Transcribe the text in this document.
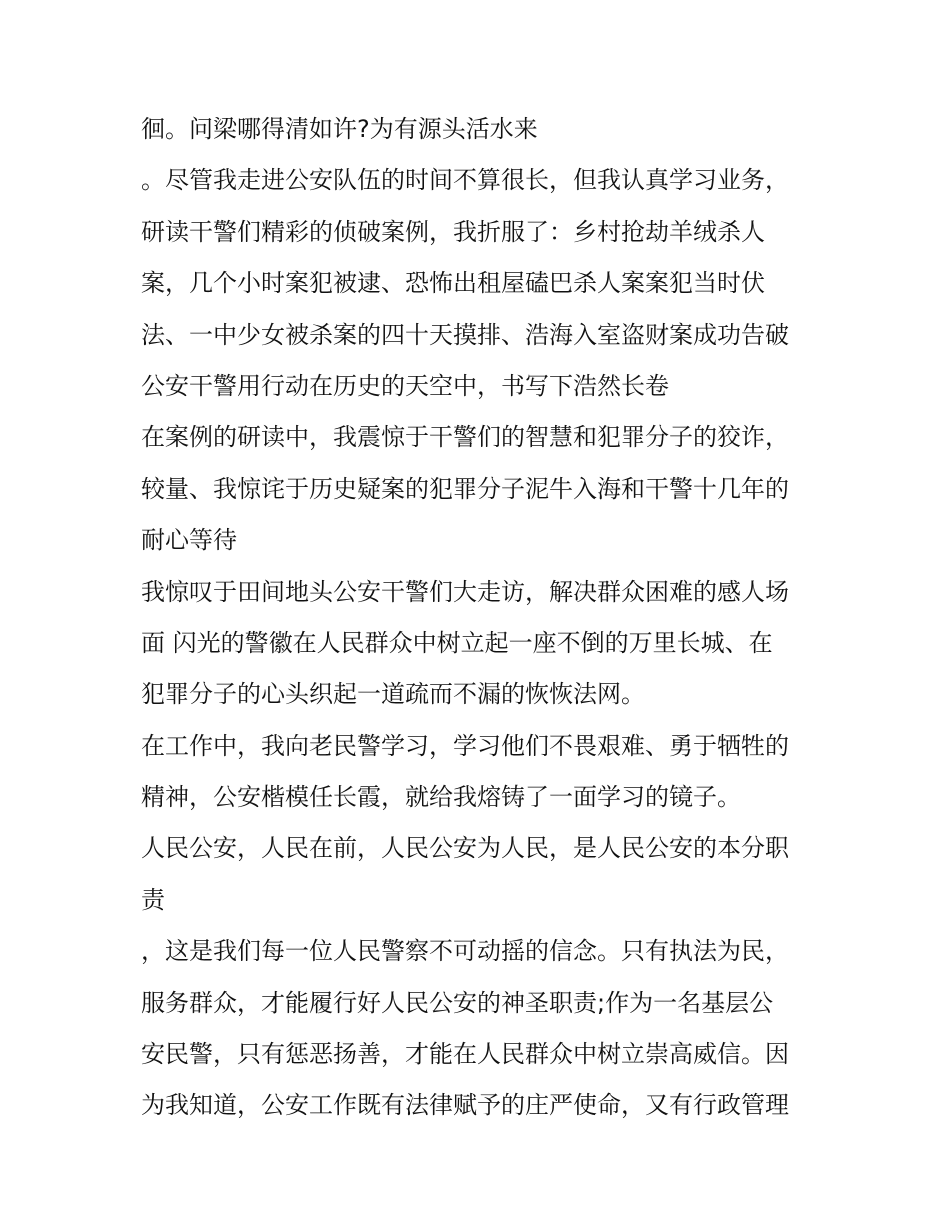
徊。问梁哪得清如许?为有源头活水来

。尽管我走进公安队伍的时间不算很长，但我认真学习业务，

研读干警们精彩的侦破案例，我折服了：乡村抢劫羊绒杀人

案，几个小时案犯被逮、恐怖出租屋磕巴杀人案案犯当时伏

法、一中少女被杀案的四十天摸排、浩海入室盗财案成功告破

公安干警用行动在历史的天空中，书写下浩然长卷

在案例的研读中，我震惊于干警们的智慧和犯罪分子的狡诈，

较量、我惊诧于历史疑案的犯罪分子泥牛入海和干警十几年的

耐心等待

我惊叹于田间地头公安干警们大走访，解决群众困难的感人场

面 闪光的警徽在人民群众中树立起一座不倒的万里长城、在

犯罪分子的心头织起一道疏而不漏的恢恢法网。

在工作中，我向老民警学习，学习他们不畏艰难、勇于牺牲的

精神，公安楷模任长霞，就给我熔铸了一面学习的镜子。

人民公安，人民在前，人民公安为人民，是人民公安的本分职

责

，这是我们每一位人民警察不可动摇的信念。只有执法为民，

服务群众，才能履行好人民公安的神圣职责;作为一名基层公

安民警，只有惩恶扬善，才能在人民群众中树立崇高威信。因

为我知道，公安工作既有法律赋予的庄严使命，又有行政管理
